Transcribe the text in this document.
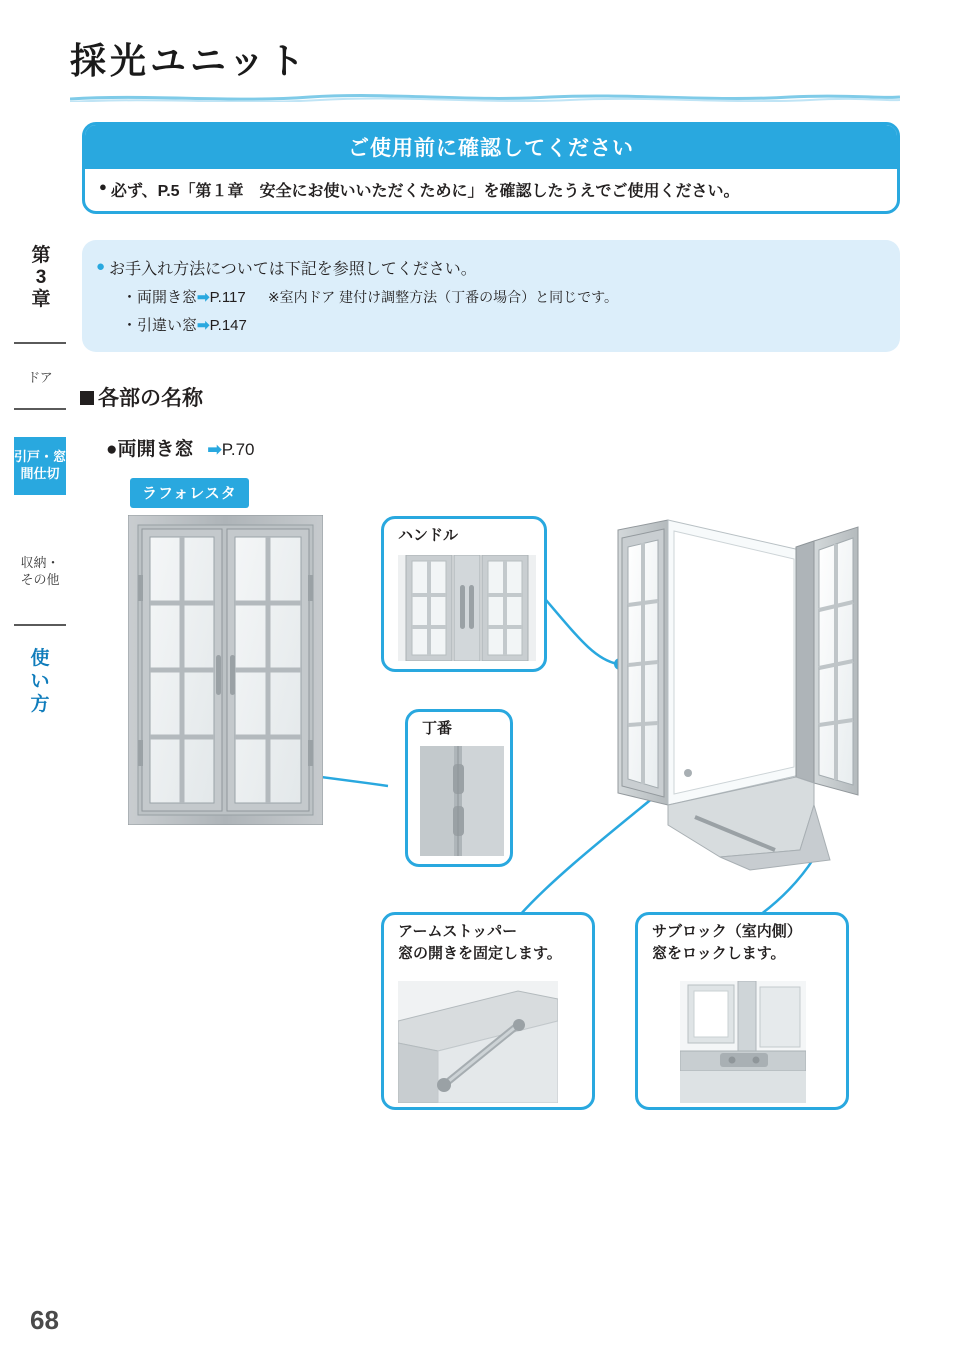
採光ユニット
ご使用前に確認してください
● 必ず、P.5「第１章　安全にお使いいただくために」を確認したうえでご使用ください。
● お手入れ方法については下記を参照してください。
・両開き窓➡P.117 ※室内ドア 建付け調整方法（丁番の場合）と同じです。
・引違い窓➡P.147
各部の名称
●両開き窓 ➡P.70
ラフォレスタ
第
3
章
ドア
引戸・窓
間仕切
収納・
その他
使
い
方
ハンドル
丁番
アームストッパー
窓の開きを固定します。
サブロック（室内側）
窓をロックします。
68
